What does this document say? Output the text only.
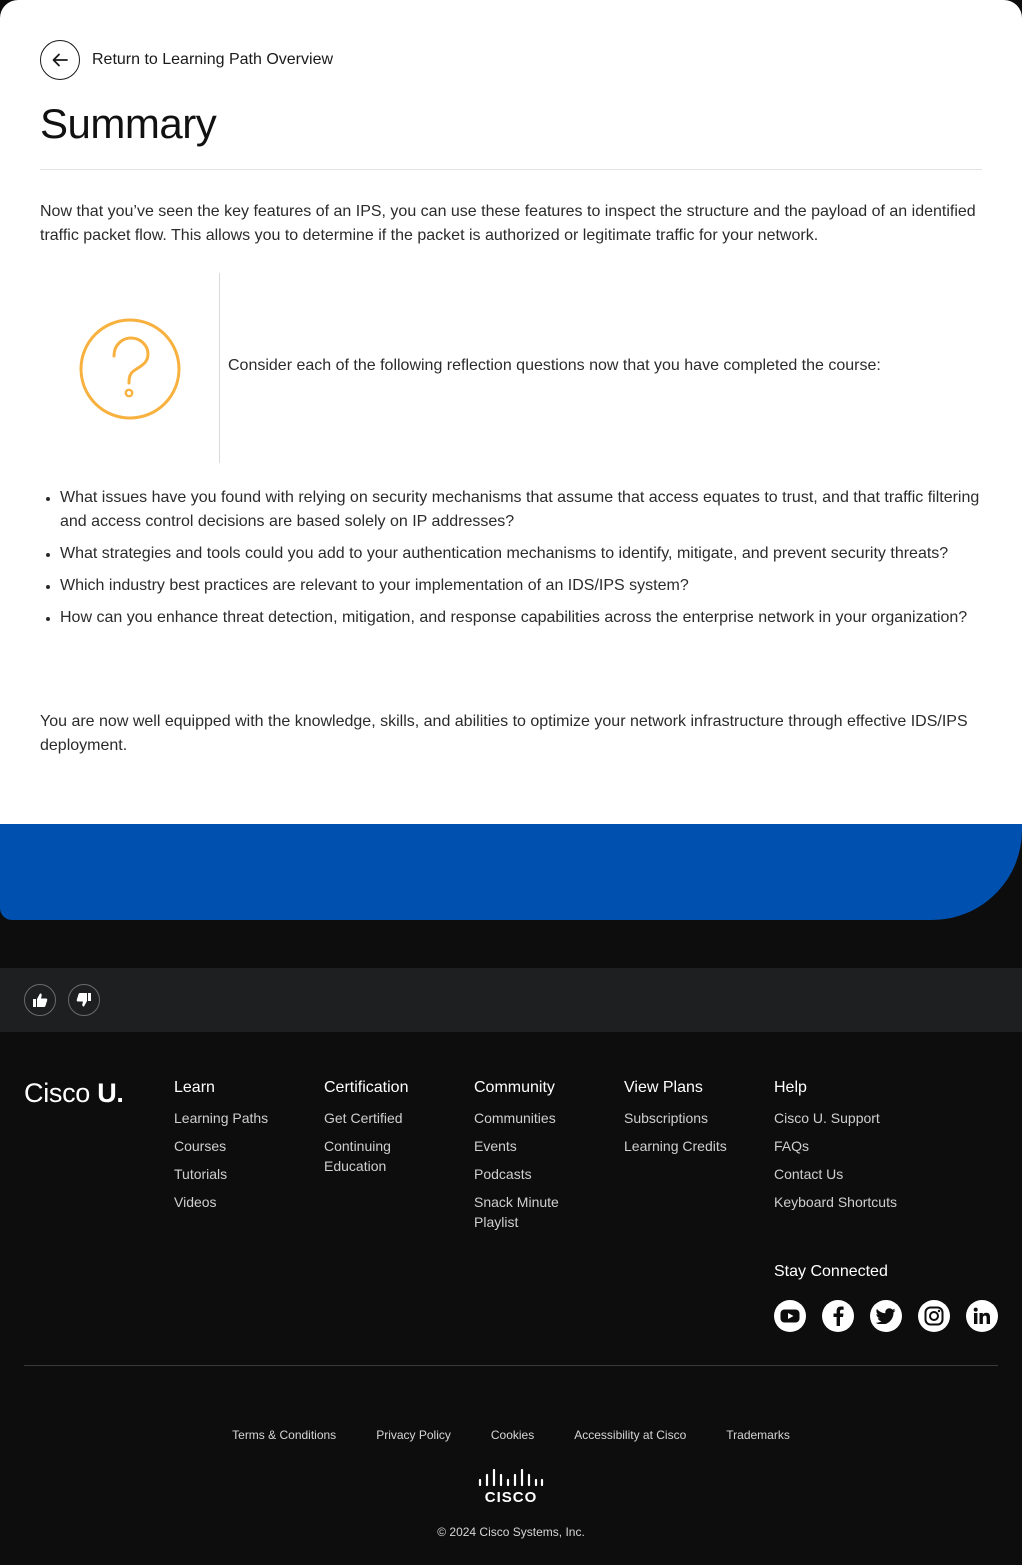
Return to Learning Path Overview
Summary

Now that you’ve seen the key features of an IPS, you can use these features to inspect the structure and the payload of an identified traffic packet flow. This allows you to determine if the packet is authorized or legitimate traffic for your network.

Consider each of the following reflection questions now that you have completed the course:

What issues have you found with relying on security mechanisms that assume that access equates to trust, and that traffic filtering and access control decisions are based solely on IP addresses?
What strategies and tools could you add to your authentication mechanisms to identify, mitigate, and prevent security threats?
Which industry best practices are relevant to your implementation of an IDS/IPS system?
How can you enhance threat detection, mitigation, and response capabilities across the enterprise network in your organization?

You are now well equipped with the knowledge, skills, and abilities to optimize your network infrastructure through effective IDS/IPS deployment.

Cisco U.	Learn
Learning Paths
Courses
Tutorials
Videos
Certification
Get Certified
Continuing Education
Community
Communities
Events
Podcasts
Snack Minute Playlist
View Plans
Subscriptions
Learning Credits
Help
Cisco U. Support
FAQs
Contact Us
Keyboard Shortcuts
Stay Connected
Terms & Conditions	Privacy Policy	Cookies	Accessibility at Cisco	Trademarks
CISCO
© 2024 Cisco Systems, Inc.
